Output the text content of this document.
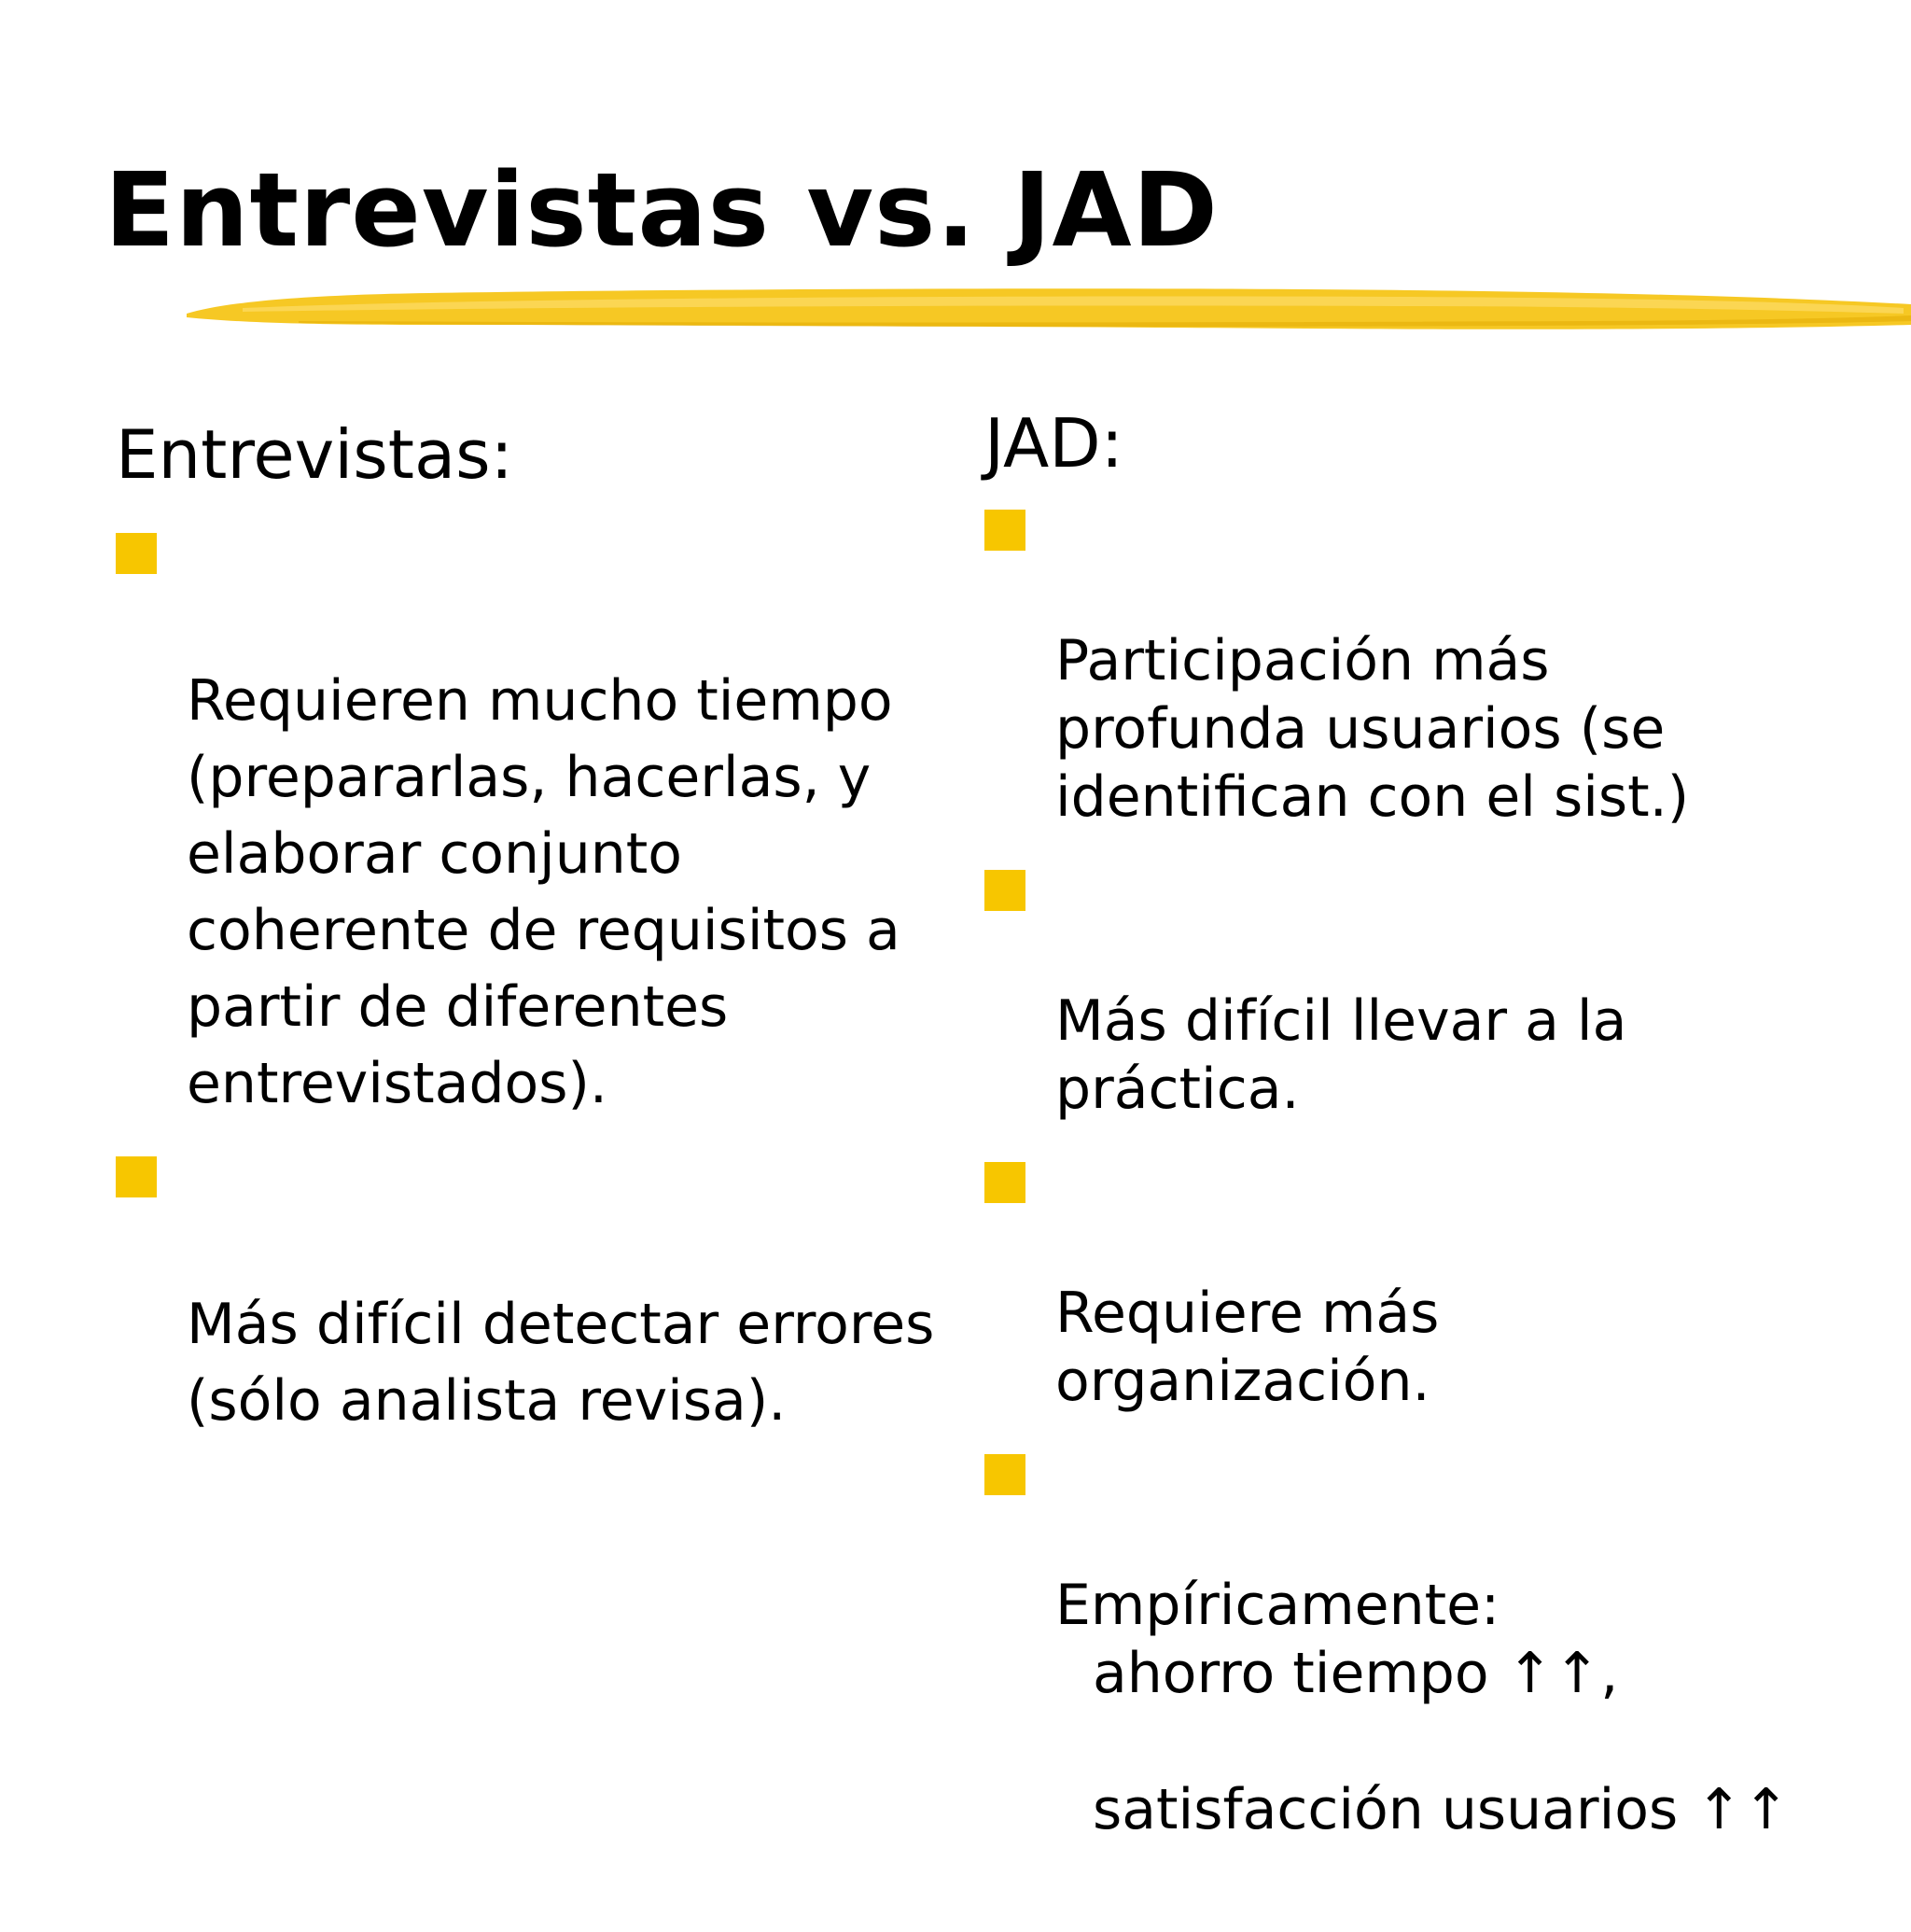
Entrevistas vs. JAD
Entrevistas:

Requieren mucho tiempo
(prepararlas, hacerlas, y
elaborar conjunto
coherente de requisitos a
partir de diferentes
entrevistados).

Más difícil detectar errores
(sólo analista revisa).

JAD:

Participación más
profunda usuarios (se
identifican con el sist.)

Más difícil llevar a la
práctica.

Requiere más
organización.

Empíricamente:

ahorro tiempo ↑↑,

satisfacción usuarios ↑↑
